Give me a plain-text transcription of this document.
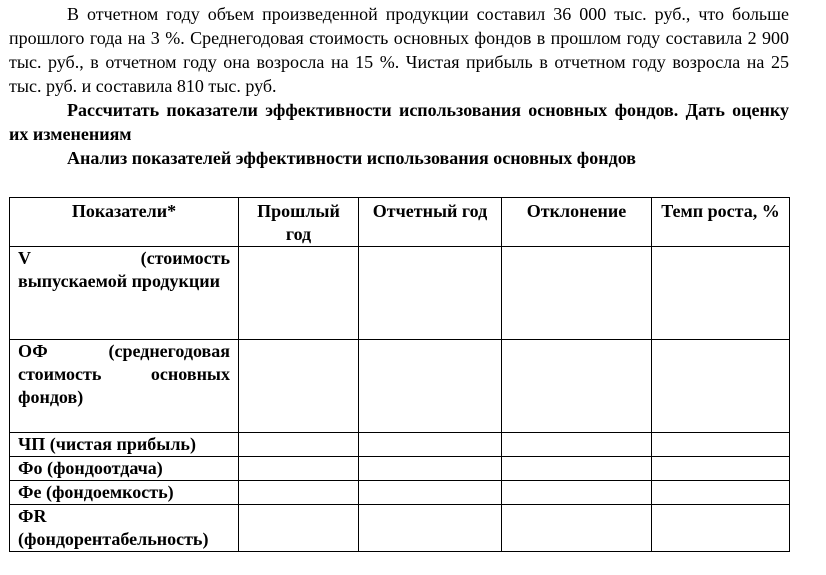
В отчетном году объем произведенной продукции составил 36 000 тыс. руб., что больше прошлого года на 3 %. Среднегодовая стоимость основных фондов в прошлом году составила 2 900 тыс. руб., в отчетном году она возросла на 15 %. Чистая прибыль в отчетном году возросла на 25 тыс. руб. и составила 810 тыс. руб.

Рассчитать показатели эффективности использования основных фондов. Дать оценку их изменениям

Анализ показателей эффективности использования основных фондов

Показатели*	Прошлый год	Отчетный год	Отклонение	Темп роста, %
V (стоимость выпускаемой продукции				
ОФ (среднегодовая стоимость основных фондов)				
ЧП (чистая прибыль)				
Фо (фондоотдача)				
Фе (фондоемкость)				
ФR (фондорентабельность)				
